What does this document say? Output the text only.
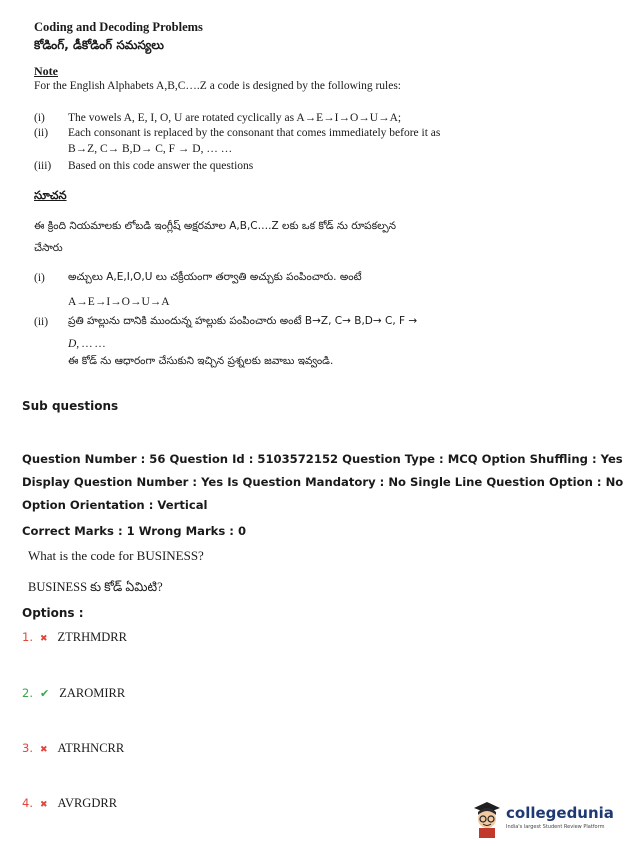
Coding and Decoding Problems
కోడింగ్, డీకోడింగ్ సమస్యలు
Note
For the English Alphabets A,B,C….Z a code is designed by the following rules:
(i) The vowels A, E, I, O, U are rotated cyclically as A→E→I→O→U→A;
(ii) Each consonant is replaced by the consonant that comes immediately before it as
B→Z, C→ B,D→ C, F → D, … …
(iii) Based on this code answer the questions
సూచన
ఈ క్రింది నియమాలకు లోబడి ఇంగ్లీష్ అక్షరమాల A,B,C….Z లకు ఒక కోడ్ ను రూపకల్పన
చేసారు
(i) అచ్చులు A,E,I,O,U లు చక్రీయంగా తర్వాతి అచ్చుకు పంపించారు. అంటే
A→E→I→O→U→A
(ii) ప్రతి హల్లును దానికి ముందున్న హల్లుకు పంపించారు అంటే B→Z, C→ B,D→ C, F →
D, … …
ఈ కోడ్ ను ఆధారంగా చేసుకుని ఇచ్చిన ప్రశ్నలకు జవాబు ఇవ్వండి.
Sub questions
Question Number : 56 Question Id : 5103572152 Question Type : MCQ Option Shuffling : Yes
Display Question Number : Yes Is Question Mandatory : No Single Line Question Option : No
Option Orientation : Vertical
Correct Marks : 1 Wrong Marks : 0
What is the code for BUSINESS?
BUSINESS కు కోడ్ ఏమిటి?
Options :
1. ✖ ZTRHMDRR
2. ✔ ZAROMIRR
3. ✖ ATRHNCRR
4. ✖ AVRGDRR
collegedunia
India's largest Student Review Platform
